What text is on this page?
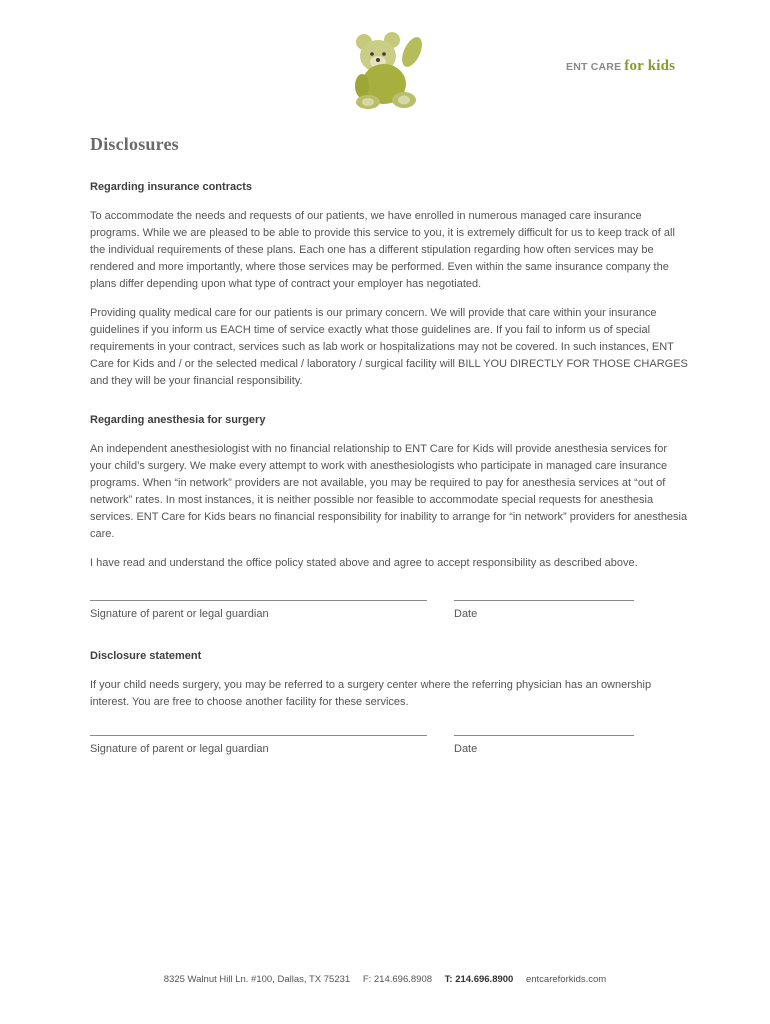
ENT CARE for kids
Disclosures
Regarding insurance contracts

To accommodate the needs and requests of our patients, we have enrolled in numerous managed care insurance programs. While we are pleased to be able to provide this service to you, it is extremely difficult for us to keep track of all the individual requirements of these plans. Each one has a different stipulation regarding how often services may be rendered and more importantly, where those services may be performed. Even within the same insurance company the plans differ depending upon what type of contract your employer has negotiated.

Providing quality medical care for our patients is our primary concern. We will provide that care within your insurance guidelines if you inform us EACH time of service exactly what those guidelines are. If you fail to inform us of special requirements in your contract, services such as lab work or hospitalizations may not be covered. In such instances, ENT Care for Kids and / or the selected medical / laboratory / surgical facility will BILL YOU DIRECTLY FOR THOSE CHARGES and they will be your financial responsibility.

Regarding anesthesia for surgery

An independent anesthesiologist with no financial relationship to ENT Care for Kids will provide anesthesia services for your child’s surgery. We make every attempt to work with anesthesiologists who participate in managed care insurance programs. When “in network” providers are not available, you may be required to pay for anesthesia services at “out of network” rates. In most instances, it is neither possible nor feasible to accommodate special requests for anesthesia services. ENT Care for Kids bears no financial responsibility for inability to arrange for “in network” providers for anesthesia care.

I have read and understand the office policy stated above and agree to accept responsibility as described above.

Signature of parent or legal guardian	Date
Disclosure statement

If your child needs surgery, you may be referred to a surgery center where the referring physician has an ownership interest. You are free to choose another facility for these services.

Signature of parent or legal guardian	Date
8325 Walnut Hill Ln. #100, Dallas, TX 75231 F: 214.696.8908 T: 214.696.8900 entcareforkids.com
